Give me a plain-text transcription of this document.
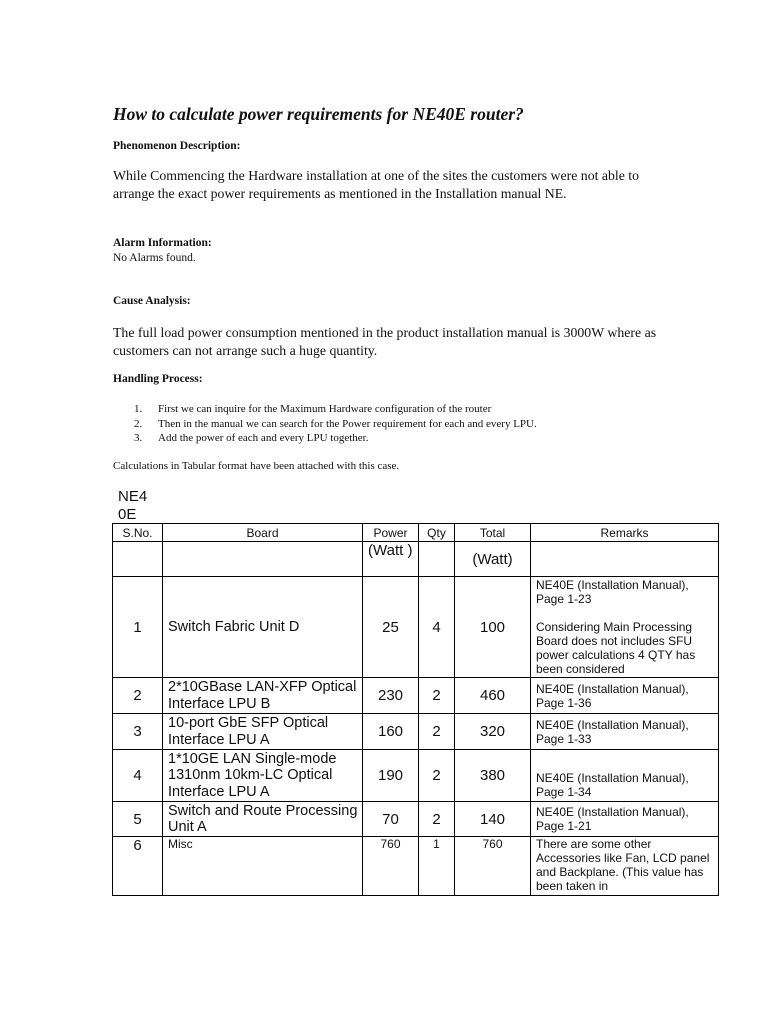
How to calculate power requirements for NE40E router?
Phenomenon Description:
While Commencing the Hardware installation at one of the sites the customers were not able to arrange the exact power requirements as mentioned in the Installation manual NE.
Alarm Information:
No Alarms found.
Cause Analysis:
The full load power consumption mentioned in the product installation manual is 3000W where as customers can not arrange such a huge quantity.
Handling Process:
1. First we can inquire for the Maximum Hardware configuration of the router
2. Then in the manual we can search for the Power requirement for each and every LPU.
3. Add the power of each and every LPU together.
Calculations in Tabular format have been attached with this case.
NE4 0E
S.No.	Board	Power	Qty	Total	Remarks
		(Watt )		(Watt)	
1	Switch Fabric Unit D	25	4	100	NE40E (Installation Manual), Page 1-23
Considering Main Processing Board does not includes SFU power calculations 4 QTY has been considered

2	2*10GBase LAN-XFP Optical Interface LPU B	230	2	460	NE40E (Installation Manual), Page 1-36
3	10-port GbE SFP Optical Interface LPU A	160	2	320	NE40E (Installation Manual), Page 1-33
4	1*10GE LAN Single-mode 1310nm 10km-LC Optical Interface LPU A	190	2	380	NE40E (Installation Manual), Page 1-34
5	Switch and Route Processing Unit A	70	2	140	NE40E (Installation Manual), Page 1-21
6	Misc	760	1	760	There are some other Accessories like Fan, LCD panel and Backplane. (This value has been taken in
